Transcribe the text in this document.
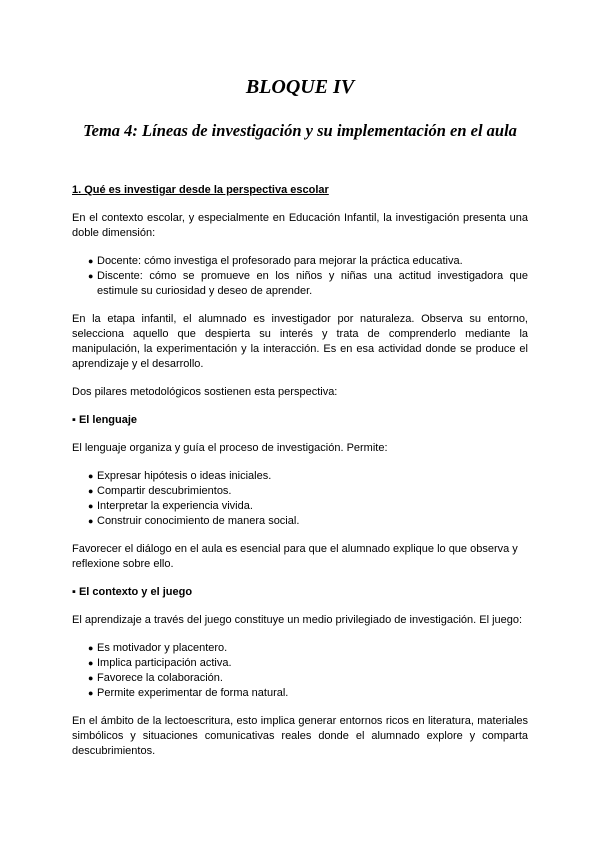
BLOQUE IV
Tema 4: Líneas de investigación y su implementación en el aula

1. Qué es investigar desde la perspectiva escolar

En el contexto escolar, y especialmente en Educación Infantil, la investigación presenta una doble dimensión:

● Docente: cómo investiga el profesorado para mejorar la práctica educativa.
● Discente: cómo se promueve en los niños y niñas una actitud investigadora que estimule su curiosidad y deseo de aprender.

En la etapa infantil, el alumnado es investigador por naturaleza. Observa su entorno, selecciona aquello que despierta su interés y trata de comprenderlo mediante la manipulación, la experimentación y la interacción. Es en esa actividad donde se produce el aprendizaje y el desarrollo.

Dos pilares metodológicos sostienen esta perspectiva:

▪ El lenguaje

El lenguaje organiza y guía el proceso de investigación. Permite:

● Expresar hipótesis o ideas iniciales.
● Compartir descubrimientos.
● Interpretar la experiencia vivida.
● Construir conocimiento de manera social.

Favorecer el diálogo en el aula es esencial para que el alumnado explique lo que observa y reflexione sobre ello.

▪ El contexto y el juego

El aprendizaje a través del juego constituye un medio privilegiado de investigación. El juego:

● Es motivador y placentero.
● Implica participación activa.
● Favorece la colaboración.
● Permite experimentar de forma natural.

En el ámbito de la lectoescritura, esto implica generar entornos ricos en literatura, materiales simbólicos y situaciones comunicativas reales donde el alumnado explore y comparta descubrimientos.
